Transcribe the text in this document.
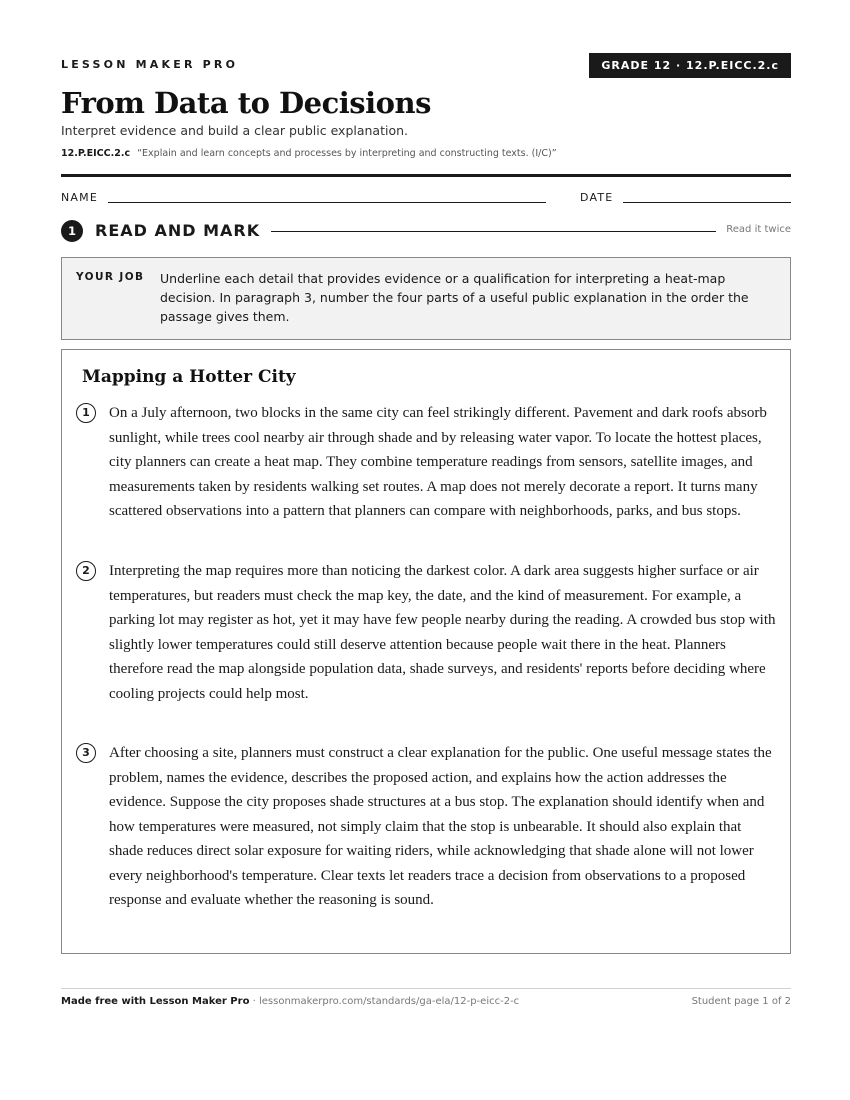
LESSON MAKER PRO	GRADE 12 · 12.P.EICC.2.c
From Data to Decisions
Interpret evidence and build a clear public explanation.
12.P.EICC.2.c “Explain and learn concepts and processes by interpreting and constructing texts. (I/C)”
NAME	DATE
1	READ AND MARK	Read it twice
YOUR JOB Underline each detail that provides evidence or a qualification for interpreting a heat-map decision. In paragraph 3, number the four parts of a useful public explanation in the order the passage gives them.
Mapping a Hotter City
1	On a July afternoon, two blocks in the same city can feel strikingly different. Pavement and dark roofs absorb sunlight, while trees cool nearby air through shade and by releasing water vapor. To locate the hottest places, city planners can create a heat map. They combine temperature readings from sensors, satellite images, and measurements taken by residents walking set routes. A map does not merely decorate a report. It turns many scattered observations into a pattern that planners can compare with neighborhoods, parks, and bus stops.

2	Interpreting the map requires more than noticing the darkest color. A dark area suggests higher surface or air temperatures, but readers must check the map key, the date, and the kind of measurement. For example, a parking lot may register as hot, yet it may have few people nearby during the reading. A crowded bus stop with slightly lower temperatures could still deserve attention because people wait there in the heat. Planners therefore read the map alongside population data, shade surveys, and residents' reports before deciding where cooling projects could help most.

3	After choosing a site, planners must construct a clear explanation for the public. One useful message states the problem, names the evidence, describes the proposed action, and explains how the action addresses the evidence. Suppose the city proposes shade structures at a bus stop. The explanation should identify when and how temperatures were measured, not simply claim that the stop is unbearable. It should also explain that shade reduces direct solar exposure for waiting riders, while acknowledging that shade alone will not lower every neighborhood's temperature. Clear texts let readers trace a decision from observations to a proposed response and evaluate whether the reasoning is sound.

Made free with Lesson Maker Pro · lessonmakerpro.com/standards/ga-ela/12-p-eicc-2-c	Student page 1 of 2
